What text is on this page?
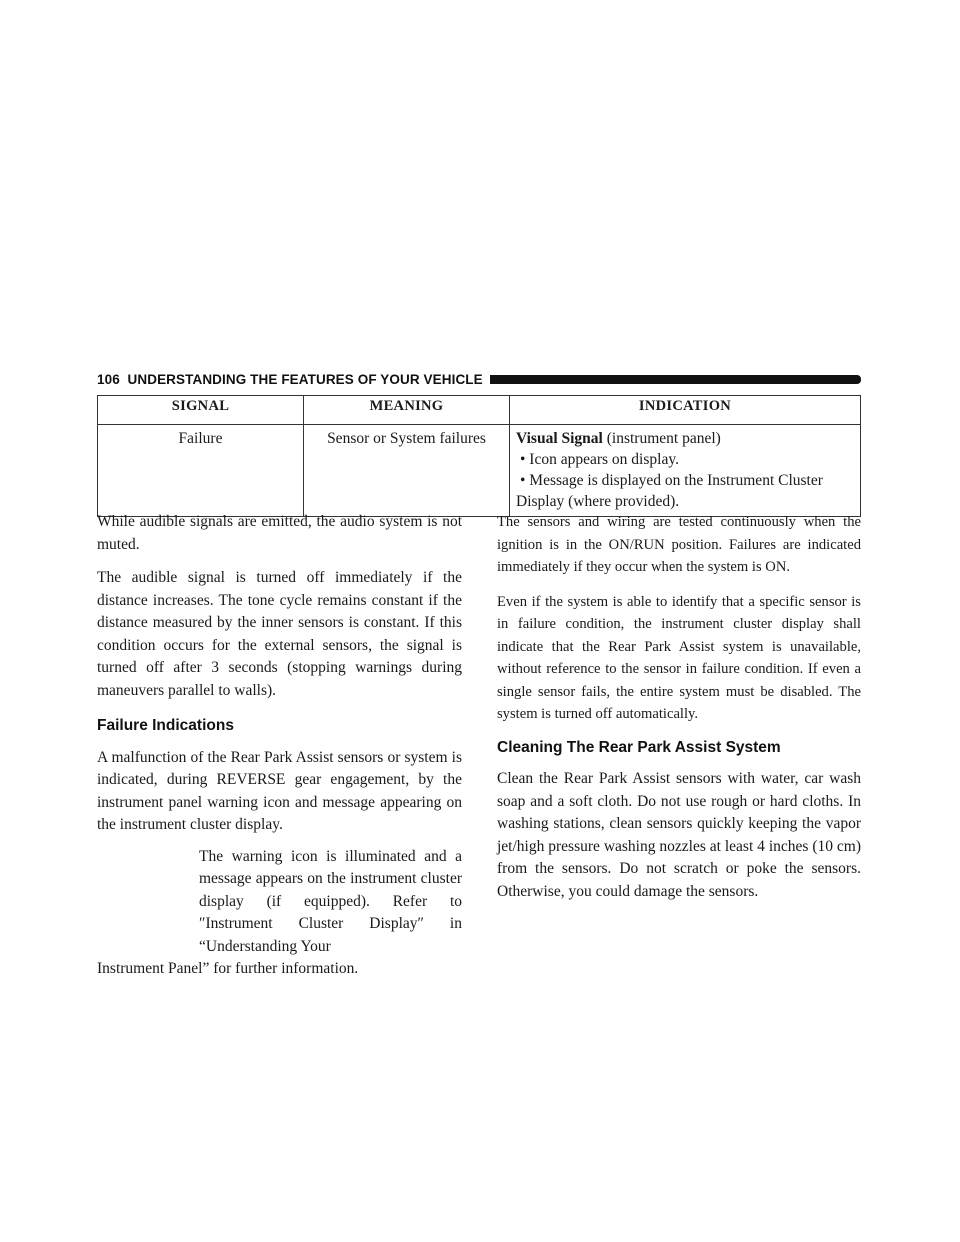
106 UNDERSTANDING THE FEATURES OF YOUR VEHICLE
SIGNAL	MEANING	INDICATION
Failure	Sensor or System failures	Visual Signal (instrument panel)
• Icon appears on display.
• Message is displayed on the Instrument Cluster
Display (where provided).

While audible signals are emitted, the audio system is not muted.

The audible signal is turned off immediately if the distance increases. The tone cycle remains constant if the distance measured by the inner sensors is constant. If this condition occurs for the external sensors, the signal is turned off after 3 seconds (stopping warnings during maneuvers parallel to walls).

Failure Indications

A malfunction of the Rear Park Assist sensors or system is indicated, during REVERSE gear engagement, by the instrument panel warning icon and message appearing on the instrument cluster display.

The warning icon is illuminated and a message appears on the instrument cluster display (if equipped). Refer to ″Instrument Cluster Display″ in “Understanding Your

Instrument Panel” for further information.

The sensors and wiring are tested continuously when the ignition is in the ON/RUN position. Failures are indicated immediately if they occur when the system is ON.

Even if the system is able to identify that a specific sensor is in failure condition, the instrument cluster display shall indicate that the Rear Park Assist system is unavailable, without reference to the sensor in failure condition. If even a single sensor fails, the entire system must be disabled. The system is turned off automatically.

Cleaning The Rear Park Assist System

Clean the Rear Park Assist sensors with water, car wash soap and a soft cloth. Do not use rough or hard cloths. In washing stations, clean sensors quickly keeping the vapor jet/high pressure washing nozzles at least 4 inches (10 cm) from the sensors. Do not scratch or poke the sensors. Otherwise, you could damage the sensors.
